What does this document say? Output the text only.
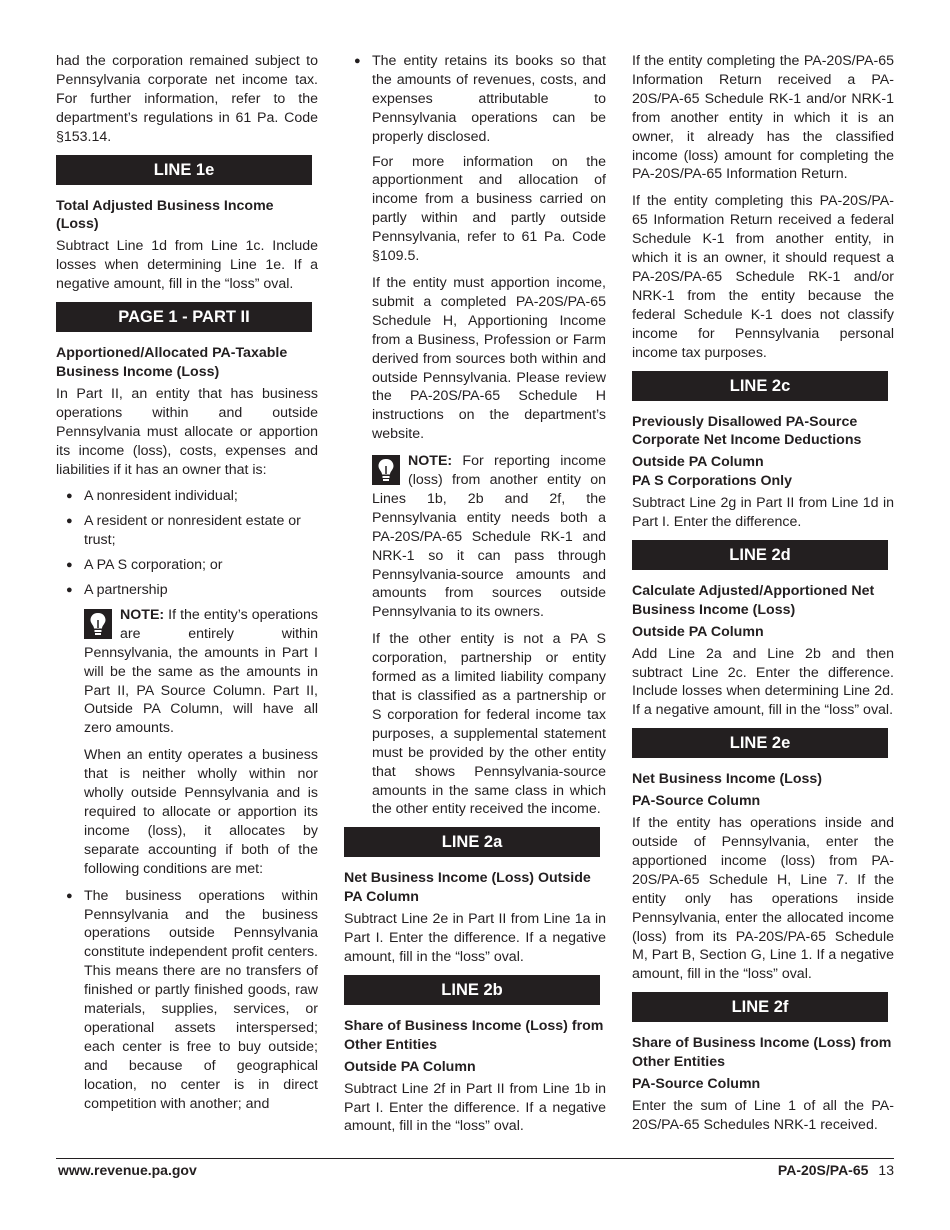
had the corporation remained subject to Pennsylvania corporate net income tax. For further information, refer to the department’s regulations in 61 Pa. Code §153.14.

LINE 1e

Total Adjusted Business Income (Loss)

Subtract Line 1d from Line 1c. Include losses when determining Line 1e. If a negative amount, fill in the “loss” oval.

PAGE 1 - PART II

Apportioned/Allocated PA-Taxable Business Income (Loss)

In Part II, an entity that has business operations within and outside Pennsylvania must allocate or apportion its income (loss), costs, expenses and liabilities if it has an owner that is:

● A nonresident individual;
● A resident or nonresident estate or trust;
● A PA S corporation; or
● A partnership

NOTE: If the entity’s operations are entirely within Pennsylvania, the amounts in Part I will be the same as the amounts in Part II, PA Source Column. Part II, Outside PA Column, will have all zero amounts.

When an entity operates a business that is neither wholly within nor wholly outside Pennsylvania and is required to allocate or apportion its income (loss), it allocates by separate accounting if both of the following conditions are met:

● The business operations within Pennsylvania and the business operations outside Pennsylvania constitute independent profit centers. This means there are no transfers of finished or partly finished goods, raw materials, supplies, services, or operational assets interspersed; each center is free to buy outside; and because of geographical location, no center is in direct competition with another; and
● The entity retains its books so that the amounts of revenues, costs, and expenses attributable to Pennsylvania operations can be properly disclosed.

For more information on the apportionment and allocation of income from a business carried on partly within and partly outside Pennsylvania, refer to 61 Pa. Code §109.5.

If the entity must apportion income, submit a completed PA-20S/PA-65 Schedule H, Apportioning Income from a Business, Profession or Farm derived from sources both within and outside Pennsylvania. Please review the PA-20S/PA-65 Schedule H instructions on the department’s website.

NOTE: For reporting income (loss) from another entity on Lines 1b, 2b and 2f, the Pennsylvania entity needs both a PA-20S/PA-65 Schedule RK-1 and NRK-1 so it can pass through Pennsylvania-source amounts and amounts from sources outside Pennsylvania to its owners.

If the other entity is not a PA S corporation, partnership or entity formed as a limited liability company that is classified as a partnership or S corporation for federal income tax purposes, a supplemental statement must be provided by the other entity that shows Pennsylvania-source amounts in the same class in which the other entity received the income.

LINE 2a

Net Business Income (Loss) Outside PA Column

Subtract Line 2e in Part II from Line 1a in Part I. Enter the difference. If a negative amount, fill in the “loss” oval.

LINE 2b

Share of Business Income (Loss) from Other Entities

Outside PA Column

Subtract Line 2f in Part II from Line 1b in Part I. Enter the difference. If a negative amount, fill in the “loss” oval.

If the entity completing the PA-20S/PA-65 Information Return received a PA-20S/PA-65 Schedule RK-1 and/or NRK-1 from another entity in which it is an owner, it already has the classified income (loss) amount for completing the PA-20S/PA-65 Information Return.

If the entity completing this PA-20S/PA-65 Information Return received a federal Schedule K-1 from another entity, in which it is an owner, it should request a PA-20S/PA-65 Schedule RK-1 and/or NRK-1 from the entity because the federal Schedule K-1 does not classify income for Pennsylvania personal income tax purposes.

LINE 2c

Previously Disallowed PA-Source Corporate Net Income Deductions

Outside PA Column
PA S Corporations Only

Subtract Line 2g in Part II from Line 1d in Part I. Enter the difference.

LINE 2d

Calculate Adjusted/Apportioned Net Business Income (Loss)

Outside PA Column

Add Line 2a and Line 2b and then subtract Line 2c. Enter the difference. Include losses when determining Line 2d. If a negative amount, fill in the “loss” oval.

LINE 2e

Net Business Income (Loss)

PA-Source Column

If the entity has operations inside and outside of Pennsylvania, enter the apportioned income (loss) from PA-20S/PA-65 Schedule H, Line 7. If the entity only has operations inside Pennsylvania, enter the allocated income (loss) from its PA-20S/PA-65 Schedule M, Part B, Section G, Line 1. If a negative amount, fill in the “loss” oval.

LINE 2f

Share of Business Income (Loss) from Other Entities

PA-Source Column

Enter the sum of Line 1 of all the PA-20S/PA-65 Schedules NRK-1 received.

www.revenue.pa.gov	PA-20S/PA-65 13
